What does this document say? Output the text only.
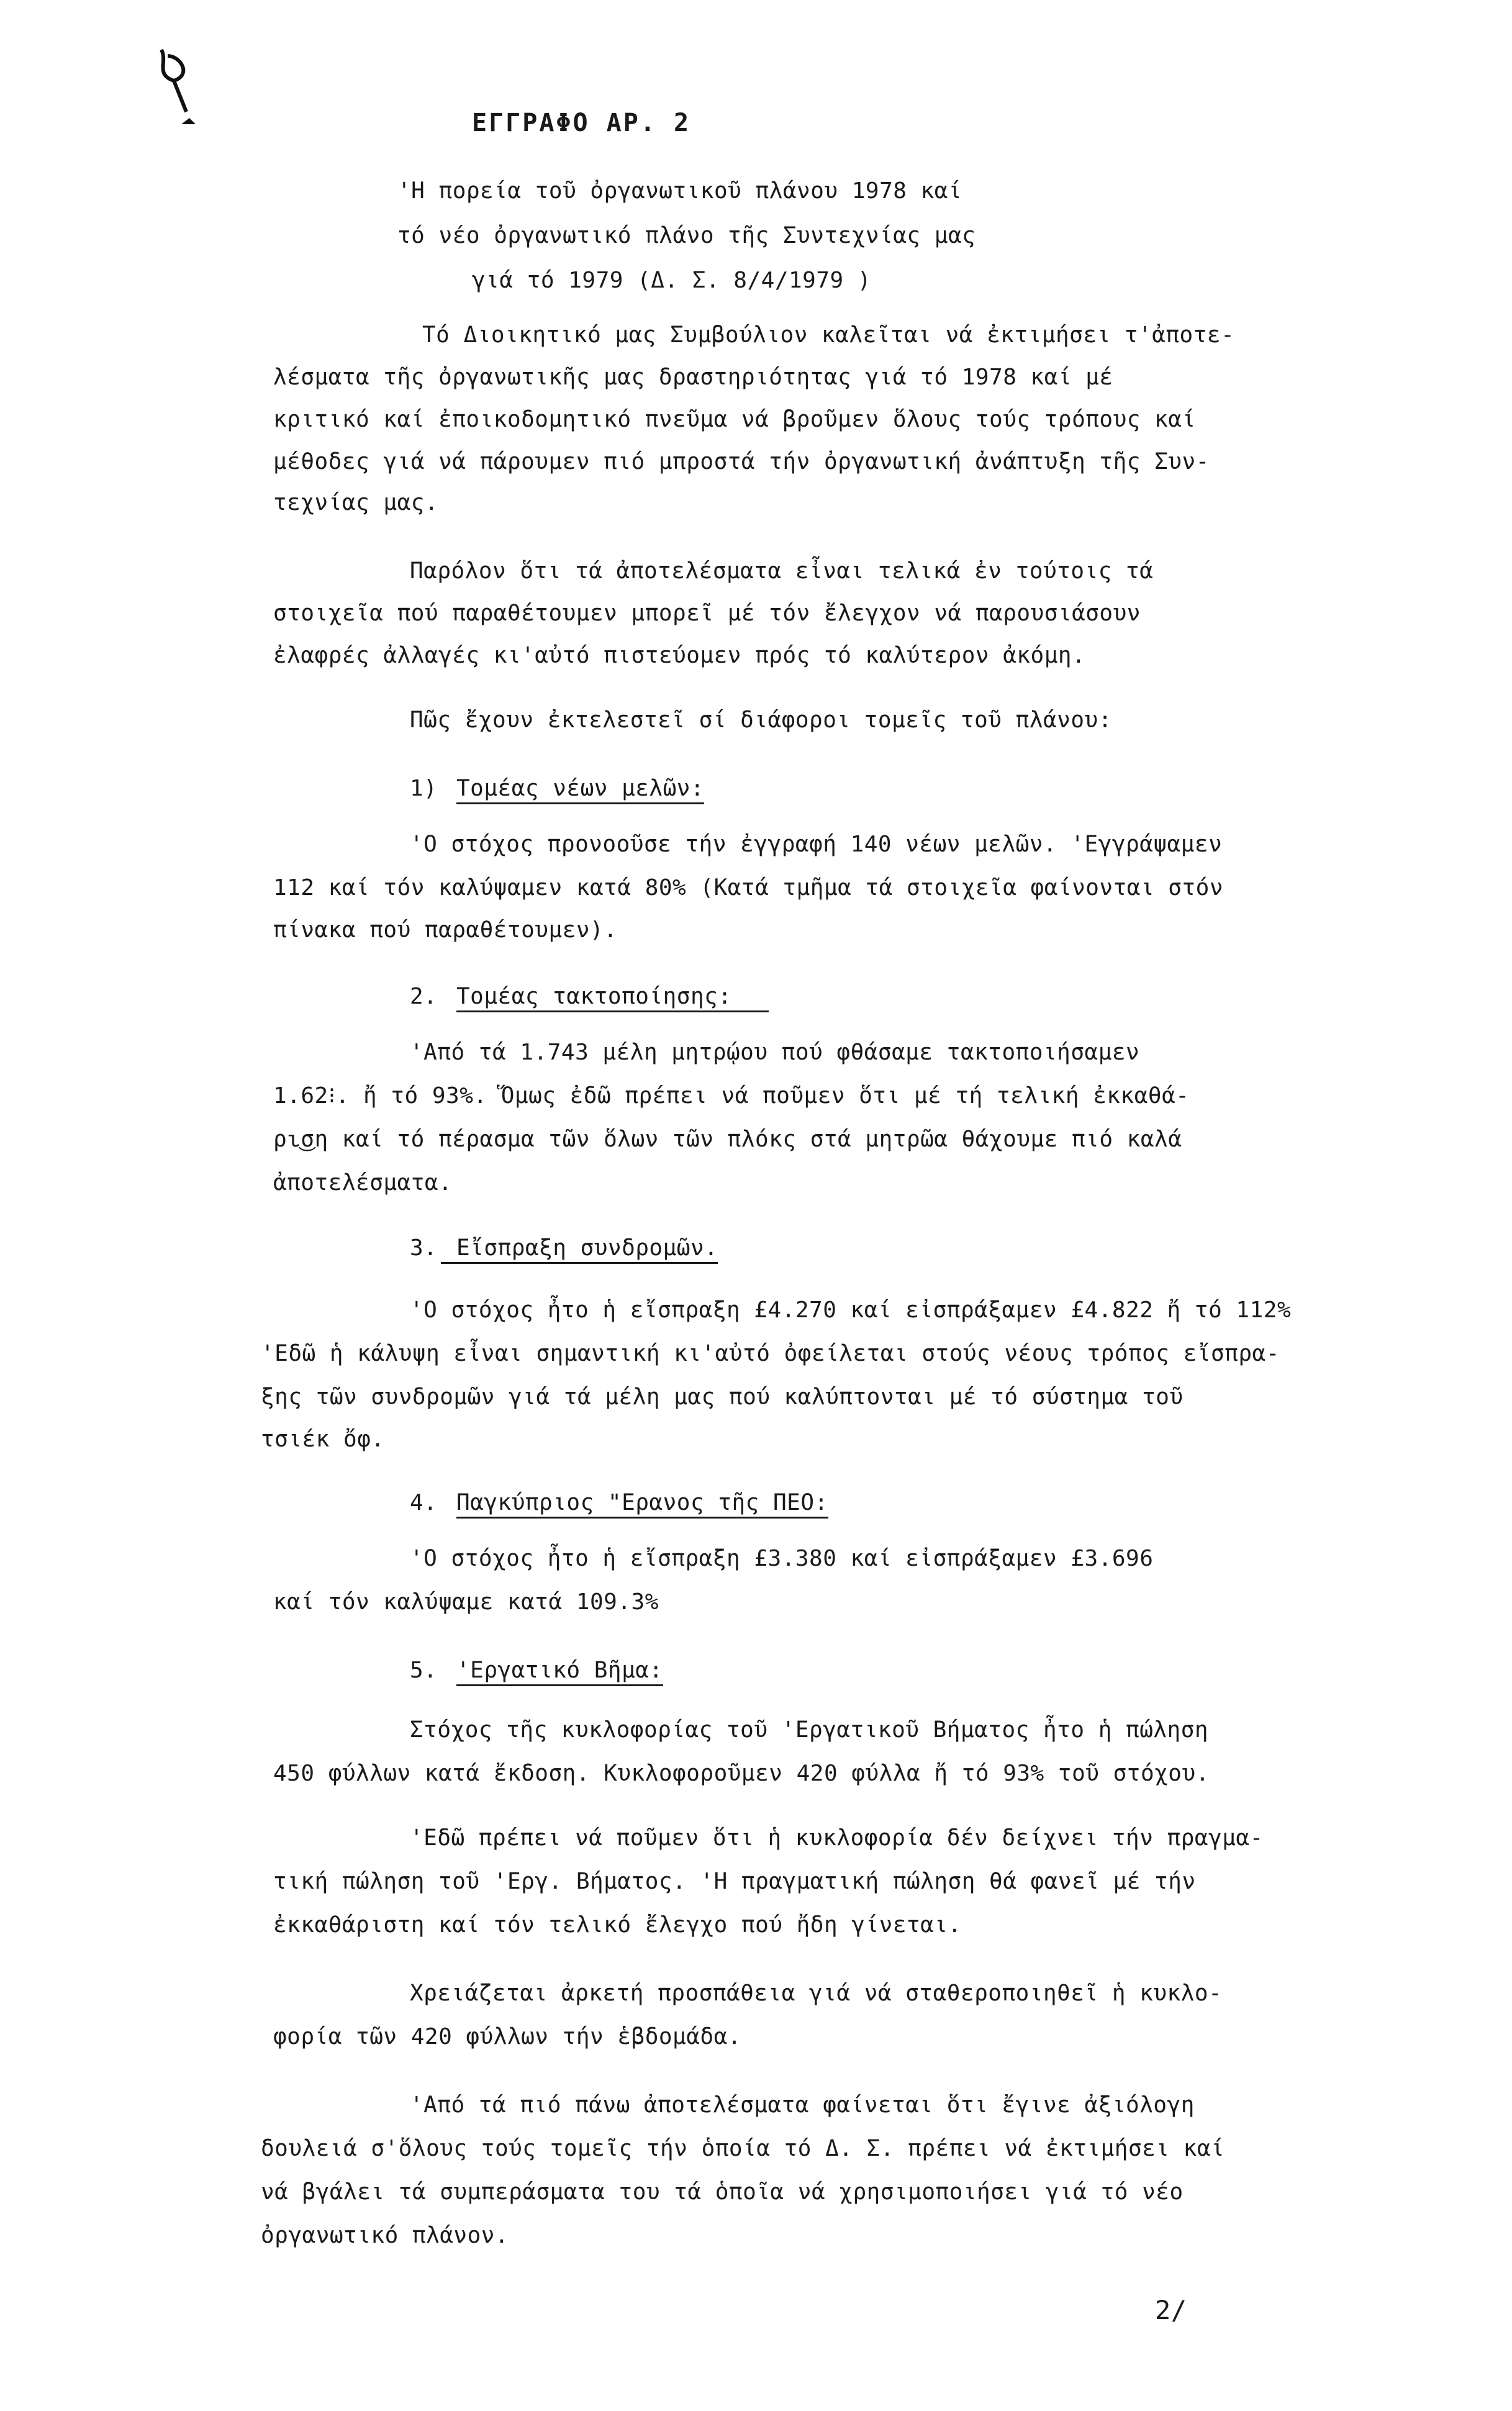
ΕΓΓΡΑΦΟ ΑΡ. 2
'Η πορεία τοῦ ὀργανωτικοῦ πλάνου 1978 καί
τό νέο ὀργανωτικό πλάνο τῆς Συντεχνίας μας
γιά τό 1979 (Δ. Σ. 8/4/1979 )
Τό Διοικητικό μας Συμβούλιον καλεῖται νά ἐκτιμήσει τ'ἀποτε-
λέσματα τῆς ὀργανωτικῆς μας δραστηριότητας γιά τό 1978 καί μέ
κριτικό καί ἐποικοδομητικό πνεῦμα νά βροῦμεν ὅλους τούς τρόπους καί
μέθοδες γιά νά πάρουμεν πιό μπροστά τήν ὀργανωτική ἀνάπτυξη τῆς Συν-
τεχνίας μας.
Παρόλον ὅτι τά ἀποτελέσματα εἶναι τελικά ἐν τούτοις τά
στοιχεῖα πού παραθέτουμεν μπορεῖ μέ τόν ἔλεγχον νά παρουσιάσουν
ἐλαφρές ἀλλαγές κι'αὐτό πιστεύομεν πρός τό καλύτερον ἀκόμη.
Πῶς ἔχουν ἐκτελεστεῖ σί διάφοροι τομεῖς τοῦ πλάνου:
1) Τομέας νέων μελῶν:
'Ο στόχος προνοοῦσε τήν ἐγγραφή 140 νέων μελῶν. 'Εγγράψαμεν
112 καί τόν καλύψαμεν κατά 80% (Κατά τμῆμα τά στοιχεῖα φαίνονται στόν
πίνακα πού παραθέτουμεν).
2. Τομέας τακτοποίησης:
'Από τά 1.743 μέλη μητρῴου πού φθάσαμε τακτοποιήσαμεν
1.62⁝. ἤ τό 93%. Ὅμως ἐδῶ πρέπει νά ποῦμεν ὅτι μέ τή τελική ἐκκαθά-
ρι͜ση καί τό πέρασμα τῶν ὅλων τῶν πλόκς στά μητρῶα θάχουμε πιό καλά
ἀποτελέσματα.
3. Εἴσπραξη συνδρομῶν.
'Ο στόχος ἦτο ἡ εἴσπραξη £4.270 καί εἰσπράξαμεν £4.822 ἤ τό 112%
'Εδῶ ἡ κάλυψη εἶναι σημαντική κι'αὐτό ὀφείλεται στούς νέους τρόπος εἴσπρα-
ξης τῶν συνδρομῶν γιά τά μέλη μας πού καλύπτονται μέ τό σύστημα τοῦ
τσιέκ ὄφ.
4. Παγκύπριος "Ερανος τῆς ΠΕΟ:
'Ο στόχος ἦτο ἡ εἴσπραξη £3.380 καί εἰσπράξαμεν £3.696
καί τόν καλύψαμε κατά 109.3%
5. 'Εργατικό Βῆμα:
Στόχος τῆς κυκλοφορίας τοῦ 'Εργατικοῦ Βήματος ἦτο ἡ πώληση
450 φύλλων κατά ἔκδοση. Κυκλοφοροῦμεν 420 φύλλα ἤ τό 93% τοῦ στόχου.
'Εδῶ πρέπει νά ποῦμεν ὅτι ἡ κυκλοφορία δέν δείχνει τήν πραγμα-
τική πώληση τοῦ 'Εργ. Βήματος. 'Η πραγματική πώληση θά φανεῖ μέ τήν
ἐκκαθάριστη καί τόν τελικό ἔλεγχο πού ἤδη γίνεται.
Χρειάζεται ἀρκετή προσπάθεια γιά νά σταθεροποιηθεῖ ἡ κυκλο-
φορία τῶν 420 φύλλων τήν ἑβδομάδα.
'Από τά πιό πάνω ἀποτελέσματα φαίνεται ὅτι ἔγινε ἀξιόλογη
δουλειά σ'ὅλους τούς τομεῖς τήν ὁποία τό Δ. Σ. πρέπει νά ἐκτιμήσει καί
νά βγάλει τά συμπεράσματα του τά ὁποῖα νά χρησιμοποιήσει γιά τό νέο
ὀργανωτικό πλάνον.
2/
